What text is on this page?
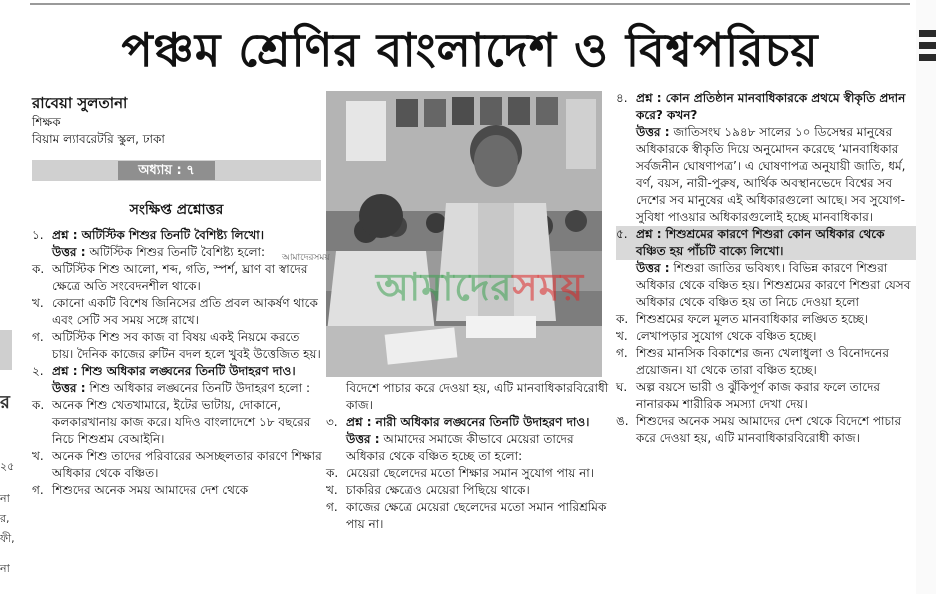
র
২৫
না
র,
ফী,
না
পঞ্চম শ্রেণির বাংলাদেশ ও বিশ্বপরিচয়
রাবেয়া সুলতানা
শিক্ষক
বিয়াম ল্যাবরেটরি স্কুল, ঢাকা
অধ্যায় : ৭
সংক্ষিপ্ত প্রশ্নোত্তর
১. প্রশ্ন : অটিস্টিক শিশুর তিনটি বৈশিষ্ট্য লিখো।
উত্তর : অটিস্টিক শিশুর তিনটি বৈশিষ্ট্য হলো:
ক. অটিস্টিক শিশু আলো, শব্দ, গতি, স্পর্শ, ঘ্রাণ বা স্বাদের ক্ষেত্রে অতি সংবেদনশীল থাকে।
খ. কোনো একটি বিশেষ জিনিসের প্রতি প্রবল আকর্ষণ থাকে এবং সেটি সব সময় সঙ্গে রাখে।
গ. অটিস্টিক শিশু সব কাজ বা বিষয় একই নিয়মে করতে চায়। দৈনিক কাজের রুটিন বদল হলে খুবই উত্তেজিত হয়।
২. প্রশ্ন : শিশু অধিকার লঙ্ঘনের তিনটি উদাহরণ দাও।
উত্তর : শিশু অধিকার লঙ্ঘনের তিনটি উদাহরণ হলো :
ক. অনেক শিশু খেতখামারে, ইটের ভাটায়, দোকানে, কলকারখানায় কাজ করে। যদিও বাংলাদেশে ১৮ বছরের নিচে শিশুশ্রম বেআইনি।
খ. অনেক শিশু তাদের পরিবারের অসচ্ছলতার কারণে শিক্ষার অধিকার থেকে বঞ্চিত।
গ. শিশুদের অনেক সময় আমাদের দেশ থেকে
বিদেশে পাচার করে দেওয়া হয়, এটি মানবাধিকারবিরোধী কাজ।
৩. প্রশ্ন : নারী অধিকার লঙ্ঘনের তিনটি উদাহরণ দাও।
উত্তর : আমাদের সমাজে কীভাবে মেয়েরা তাদের অধিকার থেকে বঞ্চিত হচ্ছে তা হলো:
ক. মেয়েরা ছেলেদের মতো শিক্ষার সমান সুযোগ পায় না।
খ. চাকরির ক্ষেত্রেও মেয়েরা পিছিয়ে থাকে।
গ. কাজের ক্ষেত্রে মেয়েরা ছেলেদের মতো সমান পারিশ্রমিক পায় না।
৪. প্রশ্ন : কোন প্রতিষ্ঠান মানবাধিকারকে প্রথমে স্বীকৃতি প্রদান করে? কখন?
উত্তর : জাতিসংঘ ১৯৪৮ সালের ১০ ডিসেম্বর মানুষের অধিকারকে স্বীকৃতি দিয়ে অনুমোদন করেছে ‘মানবাধিকার সর্বজনীন ঘোষণাপত্র’। এ ঘোষণাপত্র অনুযায়ী জাতি, ধর্ম, বর্ণ, বয়স, নারী-পুরুষ, আর্থিক অবস্থানভেদে বিশ্বের সব দেশের সব মানুষের এই অধিকারগুলো আছে। সব সুযোগ-সুবিধা পাওয়ার অধিকারগুলোই হচ্ছে মানবাধিকার।
৫. প্রশ্ন : শিশুশ্রমের কারণে শিশুরা কোন অধিকার থেকে বঞ্চিত হয় পাঁচটি বাক্যে লিখো।
উত্তর : শিশুরা জাতির ভবিষ্যৎ। বিভিন্ন কারণে শিশুরা অধিকার থেকে বঞ্চিত হয়। শিশুশ্রমের কারণে শিশুরা যেসব অধিকার থেকে বঞ্চিত হয় তা নিচে দেওয়া হলো
ক. শিশুশ্রমের ফলে মূলত মানবাধিকার লঙ্ঘিত হচ্ছে।
খ. লেখাপড়ার সুযোগ থেকে বঞ্চিত হচ্ছে।
গ. শিশুর মানসিক বিকাশের জন্য খেলাধুলা ও বিনোদনের প্রয়োজন। যা থেকে তারা বঞ্চিত হচ্ছে।
ঘ. অল্প বয়সে ভারী ও ঝুঁকিপূর্ণ কাজ করার ফলে তাদের নানারকম শারীরিক সমস্যা দেখা দেয়।
ঙ. শিশুদের অনেক সময় আমাদের দেশ থেকে বিদেশে পাচার করে দেওয়া হয়, এটি মানবাধিকারবিরোধী কাজ।
আমাদেরসময়
আমাদেরসময়
